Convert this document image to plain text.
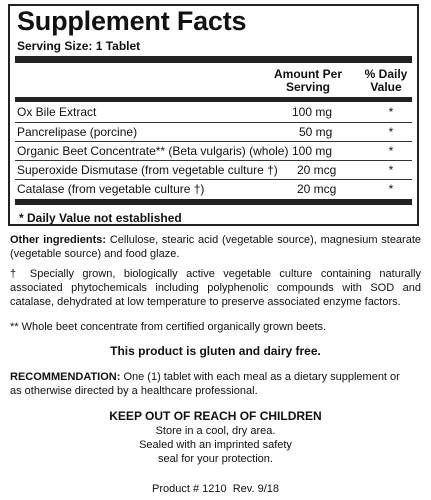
Supplement Facts
Serving Size: 1 Tablet
Amount Per
Serving
% Daily
Value
Ox Bile Extract	100 mg	*
Pancrelipase (porcine)	50 mg	*
Organic Beet Concentrate** (Beta vulgaris) (whole) 100 mg	*
Superoxide Dismutase (from vegetable culture †) 20 mcg	*
Catalase (from vegetable culture †)	20 mcg	*
* Daily Value not established
Other ingredients: Cellulose, stearic acid (vegetable source), magnesium stearate (vegetable source) and food glaze.
† Specially grown, biologically active vegetable culture containing naturally associated phytochemicals including polyphenolic compounds with SOD and catalase, dehydrated at low temperature to preserve associated enzyme factors.
** Whole beet concentrate from certified organically grown beets.
This product is gluten and dairy free.
RECOMMENDATION: One (1) tablet with each meal as a dietary supplement or as otherwise directed by a healthcare professional.
KEEP OUT OF REACH OF CHILDREN
Store in a cool, dry area.
Sealed with an imprinted safety
seal for your protection.
Product # 1210  Rev. 9/18
